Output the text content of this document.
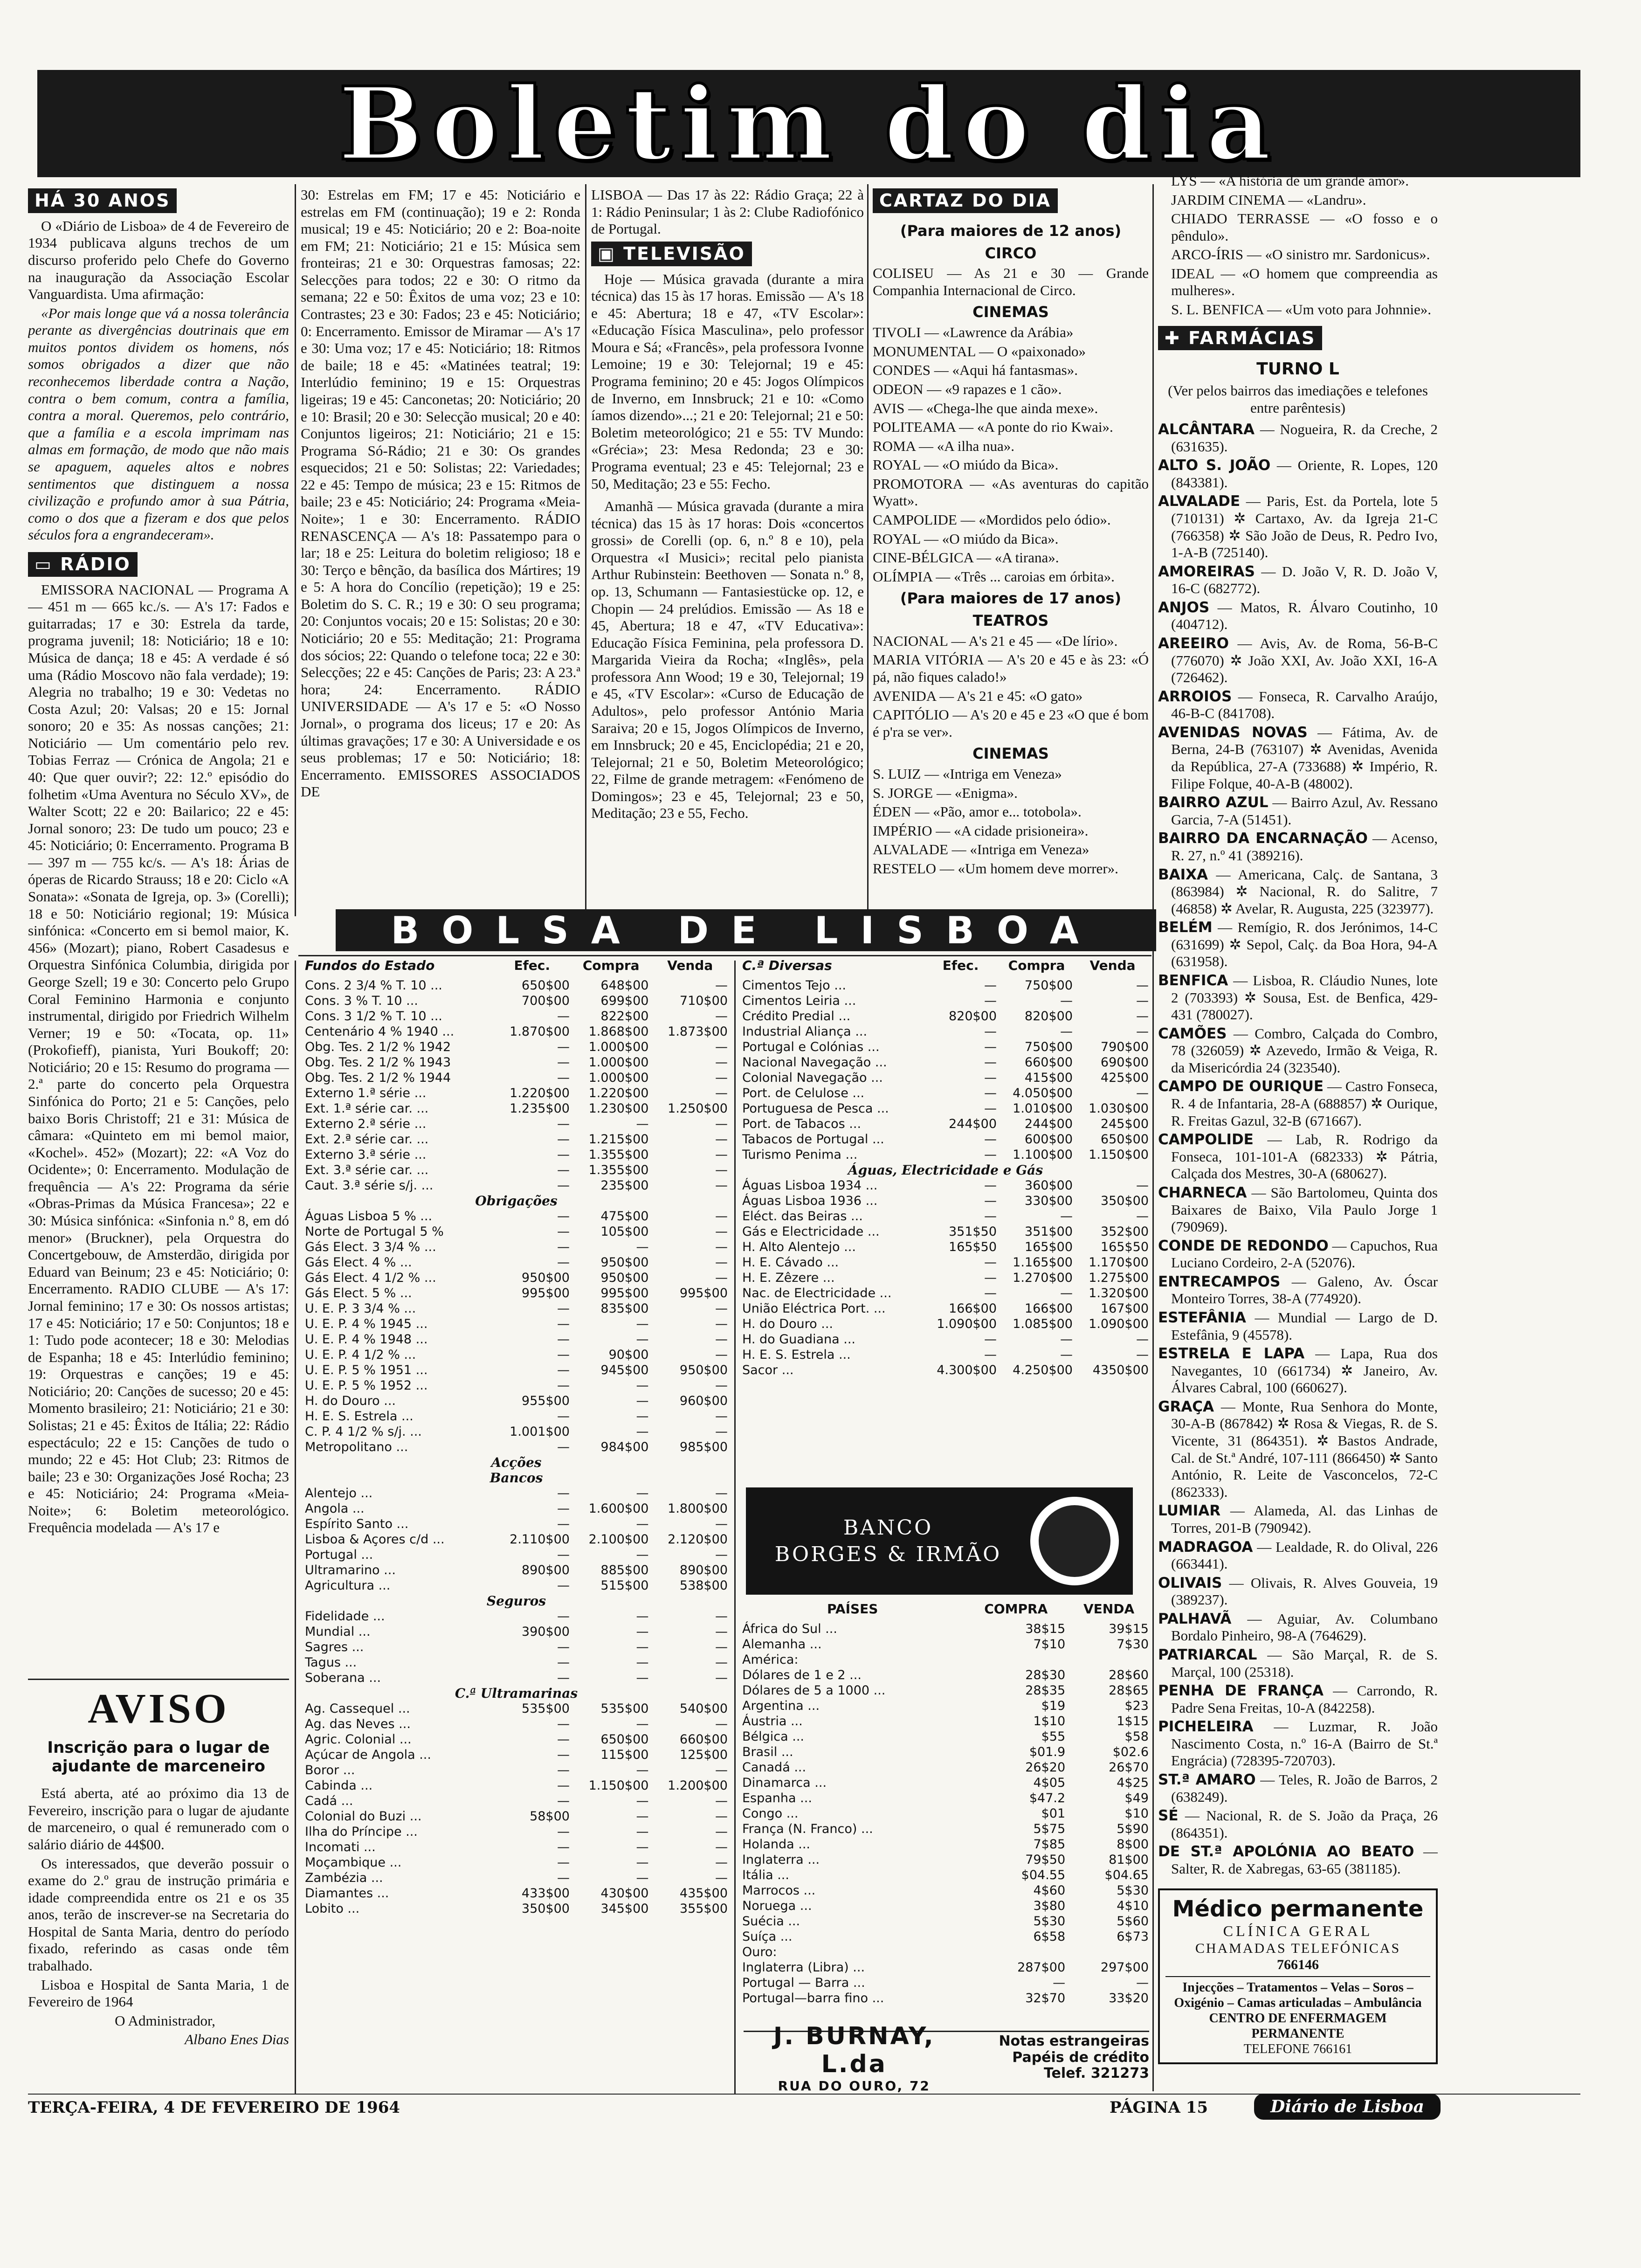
Boletim do dia
HÁ 30 ANOS

O «Diário de Lisboa» de 4 de Fevereiro de 1934 publicava alguns trechos de um discurso proferido pelo Chefe do Governo na inauguração da Associação Escolar Vanguardista. Uma afirmação:

«Por mais longe que vá a nossa tolerância perante as divergências doutrinais que em muitos pontos dividem os homens, nós somos obrigados a dizer que não reconhecemos liberdade contra a Nação, contra o bem comum, contra a família, contra a moral. Queremos, pelo contrário, que a família e a escola imprimam nas almas em formação, de modo que não mais se apaguem, aqueles altos e nobres sentimentos que distinguem a nossa civilização e profundo amor à sua Pátria, como o dos que a fizeram e dos que pelos séculos fora a engrandeceram».

▭ RÁDIO

EMISSORA NACIONAL — Programa A — 451 m — 665 kc./s. — A's 17: Fados e guitarradas; 17 e 30: Estrela da tarde, programa juvenil; 18: Noticiário; 18 e 10: Música de dança; 18 e 45: A verdade é só uma (Rádio Moscovo não fala verdade); 19: Alegria no trabalho; 19 e 30: Vedetas no Costa Azul; 20: Valsas; 20 e 15: Jornal sonoro; 20 e 35: As nossas canções; 21: Noticiário — Um comentário pelo rev. Tobias Ferraz — Crónica de Angola; 21 e 40: Que quer ouvir?; 22: 12.º episódio do folhetim «Uma Aventura no Século XV», de Walter Scott; 22 e 20: Bailarico; 22 e 45: Jornal sonoro; 23: De tudo um pouco; 23 e 45: Noticiário; 0: Encerramento. Programa B — 397 m — 755 kc/s. — A's 18: Árias de óperas de Ricardo Strauss; 18 e 20: Ciclo «A Sonata»: «Sonata de Igreja, op. 3» (Corelli); 18 e 50: Noticiário regional; 19: Música sinfónica: «Concerto em si bemol maior, K. 456» (Mozart); piano, Robert Casadesus e Orquestra Sinfónica Columbia, dirigida por George Szell; 19 e 30: Concerto pelo Grupo Coral Feminino Harmonia e conjunto instrumental, dirigido por Friedrich Wilhelm Verner; 19 e 50: «Tocata, op. 11» (Prokofieff), pianista, Yuri Boukoff; 20: Noticiário; 20 e 15: Resumo do programa — 2.ª parte do concerto pela Orquestra Sinfónica do Porto; 21 e 5: Canções, pelo baixo Boris Christoff; 21 e 31: Música de câmara: «Quinteto em mi bemol maior, «Kochel». 452» (Mozart); 22: «A Voz do Ocidente»; 0: Encerramento. Modulação de frequência — A's 22: Programa da série «Obras-Primas da Música Francesa»; 22 e 30: Música sinfónica: «Sinfonia n.º 8, em dó menor» (Bruckner), pela Orquestra do Concertgebouw, de Amsterdão, dirigida por Eduard van Beinum; 23 e 45: Noticiário; 0: Encerramento. RADIO CLUBE — A's 17: Jornal feminino; 17 e 30: Os nossos artistas; 17 e 45: Noticiário; 17 e 50: Conjuntos; 18 e 1: Tudo pode acontecer; 18 e 30: Melodias de Espanha; 18 e 45: Interlúdio feminino; 19: Orquestras e canções; 19 e 45: Noticiário; 20: Canções de sucesso; 20 e 45: Momento brasileiro; 21: Noticiário; 21 e 30: Solistas; 21 e 45: Êxitos de Itália; 22: Rádio espectáculo; 22 e 15: Canções de tudo o mundo; 22 e 45: Hot Club; 23: Ritmos de baile; 23 e 30: Organizações José Rocha; 23 e 45: Noticiário; 24: Programa «Meia-Noite»; 6: Boletim meteorológico. Frequência modelada — A's 17 e

AVISO
Inscrição para o lugar de ajudante de marceneiro

Está aberta, até ao próximo dia 13 de Fevereiro, inscrição para o lugar de ajudante de marceneiro, o qual é remunerado com o salário diário de 44$00.

Os interessados, que deverão possuir o exame do 2.º grau de instrução primária e idade compreendida entre os 21 e os 35 anos, terão de inscrever-se na Secretaria do Hospital de Santa Maria, dentro do período fixado, referindo as casas onde têm trabalhado.

Lisboa e Hospital de Santa Maria, 1 de Fevereiro de 1964

O Administrador,

Albano Enes Dias

30: Estrelas em FM; 17 e 45: Noticiário e estrelas em FM (continuação); 19 e 2: Ronda musical; 19 e 45: Noticiário; 20 e 2: Boa-noite em FM; 21: Noticiário; 21 e 15: Música sem fronteiras; 21 e 30: Orquestras famosas; 22: Selecções para todos; 22 e 30: O ritmo da semana; 22 e 50: Êxitos de uma voz; 23 e 10: Contrastes; 23 e 30: Fados; 23 e 45: Noticiário; 0: Encerramento. Emissor de Miramar — A's 17 e 30: Uma voz; 17 e 45: Noticiário; 18: Ritmos de baile; 18 e 45: «Matinées teatral; 19: Interlúdio feminino; 19 e 15: Orquestras ligeiras; 19 e 45: Canconetas; 20: Noticiário; 20 e 10: Brasil; 20 e 30: Selecção musical; 20 e 40: Conjuntos ligeiros; 21: Noticiário; 21 e 15: Programa Só-Rádio; 21 e 30: Os grandes esquecidos; 21 e 50: Solistas; 22: Variedades; 22 e 45: Tempo de música; 23 e 15: Ritmos de baile; 23 e 45: Noticiário; 24: Programa «Meia-Noite»; 1 e 30: Encerramento. RÁDIO RENASCENÇA — A's 18: Passatempo para o lar; 18 e 25: Leitura do boletim religioso; 18 e 30: Terço e bênção, da basílica dos Mártires; 19 e 5: A hora do Concílio (repetição); 19 e 25: Boletim do S. C. R.; 19 e 30: O seu programa; 20: Conjuntos vocais; 20 e 15: Solistas; 20 e 30: Noticiário; 20 e 55: Meditação; 21: Programa dos sócios; 22: Quando o telefone toca; 22 e 30: Selecções; 22 e 45: Canções de Paris; 23: A 23.ª hora; 24: Encerramento. RÁDIO UNIVERSIDADE — A's 17 e 5: «O Nosso Jornal», o programa dos liceus; 17 e 20: As últimas gravações; 17 e 30: A Universidade e os seus problemas; 17 e 50: Noticiário; 18: Encerramento. EMISSORES ASSOCIADOS DE

LISBOA — Das 17 às 22: Rádio Graça; 22 à 1: Rádio Peninsular; 1 às 2: Clube Radiofónico de Portugal.

▣ TELEVISÃO

Hoje — Música gravada (durante a mira técnica) das 15 às 17 horas. Emissão — A's 18 e 45: Abertura; 18 e 47, «TV Escolar»: «Educação Física Masculina», pelo professor Moura e Sá; «Francês», pela professora Ivonne Lemoine; 19 e 30: Telejornal; 19 e 45: Programa feminino; 20 e 45: Jogos Olímpicos de Inverno, em Innsbruck; 21 e 10: «Como íamos dizendo»...; 21 e 20: Telejornal; 21 e 50: Boletim meteorológico; 21 e 55: TV Mundo: «Grécia»; 23: Mesa Redonda; 23 e 30: Programa eventual; 23 e 45: Telejornal; 23 e 50, Meditação; 23 e 55: Fecho.

Amanhã — Música gravada (durante a mira técnica) das 15 às 17 horas: Dois «concertos grossi» de Corelli (op. 6, n.º 8 e 10), pela Orquestra «I Musici»; recital pelo pianista Arthur Rubinstein: Beethoven — Sonata n.º 8, op. 13, Schumann — Fantasiestücke op. 12, e Chopin — 24 prelúdios. Emissão — As 18 e 45, Abertura; 18 e 47, «TV Educativa»: Educação Física Feminina, pela professora D. Margarida Vieira da Rocha; «Inglês», pela professora Ann Wood; 19 e 30, Telejornal; 19 e 45, «TV Escolar»: «Curso de Educação de Adultos», pelo professor António Maria Saraiva; 20 e 15, Jogos Olímpicos de Inverno, em Innsbruck; 20 e 45, Enciclopédia; 21 e 20, Telejornal; 21 e 50, Boletim Meteorológico; 22, Filme de grande metragem: «Fenómeno de Domingos»; 23 e 45, Telejornal; 23 e 50, Meditação; 23 e 55, Fecho.

CARTAZ DO DIA
(Para maiores de 12 anos)
CIRCO

COLISEU — As 21 e 30 — Grande Companhia Internacional de Circo.

CINEMAS

TIVOLI — «Lawrence da Arábia»

MONUMENTAL — O «paixonado»

CONDES — «Aqui há fantasmas».

ODEON — «9 rapazes e 1 cão».

AVIS — «Chega-lhe que ainda mexe».

POLITEAMA — «A ponte do rio Kwai».

ROMA — «A ilha nua».

ROYAL — «O miúdo da Bica».

PROMOTORA — «As aventuras do capitão Wyatt».

CAMPOLIDE — «Mordidos pelo ódio».

ROYAL — «O miúdo da Bica».

CINE-BÉLGICA — «A tirana».

OLÍMPIA — «Três ... caroias em órbita».

(Para maiores de 17 anos)
TEATROS

NACIONAL — A's 21 e 45 — «De lírio».

MARIA VITÓRIA — A's 20 e 45 e às 23: «Ó pá, não fiques calado!»

AVENIDA — A's 21 e 45: «O gato»

CAPITÓLIO — A's 20 e 45 e 23 «O que é bom é p'ra se ver».

CINEMAS

S. LUIZ — «Intriga em Veneza»

S. JORGE — «Enigma».

ÉDEN — «Pão, amor e... totobola».

IMPÉRIO — «A cidade prisioneira».

ALVALADE — «Intriga em Veneza»

RESTELO — «Um homem deve morrer».

LYS — «A história de um grande amor».

JARDIM CINEMA — «Landru».

CHIADO TERRASSE — «O fosso e o pêndulo».

ARCO-ÍRIS — «O sinistro mr. Sardonicus».

IDEAL — «O homem que compreendia as mulheres».

S. L. BENFICA — «Um voto para Johnnie».

✚ FARMÁCIAS
TURNO L
(Ver pelos bairros das imediações e telefones entre parêntesis)

ALCÂNTARA — Nogueira, R. da Creche, 2 (631635).

ALTO S. JOÃO — Oriente, R. Lopes, 120 (843381).

ALVALADE — Paris, Est. da Portela, lote 5 (710131) ✲ Cartaxo, Av. da Igreja 21-C (766358) ✲ São João de Deus, R. Pedro Ivo, 1-A-B (725140).

AMOREIRAS — D. João V, R. D. João V, 16-C (682772).

ANJOS — Matos, R. Álvaro Coutinho, 10 (404712).

AREEIRO — Avis, Av. de Roma, 56-B-C (776070) ✲ João XXI, Av. João XXI, 16-A (726462).

ARROIOS — Fonseca, R. Carvalho Araújo, 46-B-C (841708).

AVENIDAS NOVAS — Fátima, Av. de Berna, 24-B (763107) ✲ Avenidas, Avenida da República, 27-A (733688) ✲ Império, R. Filipe Folque, 40-A-B (48002).

BAIRRO AZUL — Bairro Azul, Av. Ressano Garcia, 7-A (51451).

BAIRRO DA ENCARNAÇÃO — Acenso, R. 27, n.º 41 (389216).

BAIXA — Americana, Calç. de Santana, 3 (863984) ✲ Nacional, R. do Salitre, 7 (46858) ✲ Avelar, R. Augusta, 225 (323977).

BELÉM — Remígio, R. dos Jerónimos, 14-C (631699) ✲ Sepol, Calç. da Boa Hora, 94-A (631958).

BENFICA — Lisboa, R. Cláudio Nunes, lote 2 (703393) ✲ Sousa, Est. de Benfica, 429-431 (780027).

CAMÕES — Combro, Calçada do Combro, 78 (326059) ✲ Azevedo, Irmão & Veiga, R. da Misericórdia 24 (323540).

CAMPO DE OURIQUE — Castro Fonseca, R. 4 de Infantaria, 28-A (688857) ✲ Ourique, R. Freitas Gazul, 32-B (671667).

CAMPOLIDE — Lab, R. Rodrigo da Fonseca, 101-101-A (682333) ✲ Pátria, Calçada dos Mestres, 30-A (680627).

CHARNECA — São Bartolomeu, Quinta dos Baixares de Baixo, Vila Paulo Jorge 1 (790969).

CONDE DE REDONDO — Capuchos, Rua Luciano Cordeiro, 2-A (52076).

ENTRECAMPOS — Galeno, Av. Óscar Monteiro Torres, 38-A (774920).

ESTEFÂNIA — Mundial — Largo de D. Estefânia, 9 (45578).

ESTRELA E LAPA — Lapa, Rua dos Navegantes, 10 (661734) ✲ Janeiro, Av. Álvares Cabral, 100 (660627).

GRAÇA — Monte, Rua Senhora do Monte, 30-A-B (867842) ✲ Rosa & Viegas, R. de S. Vicente, 31 (864351). ✲ Bastos Andrade, Cal. de St.ª André, 107-111 (866450) ✲ Santo António, R. Leite de Vasconcelos, 72-C (862333).

LUMIAR — Alameda, Al. das Linhas de Torres, 201-B (790942).

MADRAGOA — Lealdade, R. do Olival, 226 (663441).

OLIVAIS — Olivais, R. Alves Gouveia, 19 (389237).

PALHAVÃ — Aguiar, Av. Columbano Bordalo Pinheiro, 98-A (764629).

PATRIARCAL — São Marçal, R. de S. Marçal, 100 (25318).

PENHA DE FRANÇA — Carrondo, R. Padre Sena Freitas, 10-A (842258).

PICHELEIRA — Luzmar, R. João Nascimento Costa, n.º 16-A (Bairro de St.ª Engrácia) (728395-720703).

ST.ª AMARO — Teles, R. João de Barros, 2 (638249).

SÉ — Nacional, R. de S. João da Praça, 26 (864351).

DE ST.ª APOLÓNIA AO BEATO — Salter, R. de Xabregas, 63-65 (381185).

Médico permanente
CLÍNICA GERAL
CHAMADAS TELEFÓNICAS
766146
Injecções – Tratamentos – Velas – Soros – Oxigénio – Camas articuladas – Ambulância
CENTRO DE ENFERMAGEM PERMANENTE
TELEFONE 766161
BOLSA DE LISBOA
Fundos do Estado	Efec.	Compra	Venda
Cons. 2 3/4 % T. 10 ...	650$00	648$00	—
Cons. 3 % T. 10 ...	700$00	699$00	710$00
Cons. 3 1/2 % T. 10 ...	—	822$00	—
Centenário 4 % 1940 ...	1.870$00	1.868$00	1.873$00
Obg. Tes. 2 1/2 % 1942	—	1.000$00	—
Obg. Tes. 2 1/2 % 1943	—	1.000$00	—
Obg. Tes. 2 1/2 % 1944	—	1.000$00	—
Externo 1.ª série ...	1.220$00	1.220$00	—
Ext. 1.ª série car. ...	1.235$00	1.230$00	1.250$00
Externo 2.ª série ...	—	—	—
Ext. 2.ª série car. ...	—	1.215$00	—
Externo 3.ª série ...	—	1.355$00	—
Ext. 3.ª série car. ...	—	1.355$00	—
Caut. 3.ª série s/j. ...	—	235$00	—
Obrigações			
Águas Lisboa 5 % ...	—	475$00	—
Norte de Portugal 5 %	—	105$00	—
Gás Elect. 3 3/4 % ...	—	—	—
Gás Elect. 4 % ...	—	950$00	—
Gás Elect. 4 1/2 % ...	950$00	950$00	—
Gás Elect. 5 % ...	995$00	995$00	995$00
U. E. P. 3 3/4 % ...	—	835$00	—
U. E. P. 4 % 1945 ...	—	—	—
U. E. P. 4 % 1948 ...	—	—	—
U. E. P. 4 1/2 % ...	—	90$00	—
U. E. P. 5 % 1951 ...	—	945$00	950$00
U. E. P. 5 % 1952 ...	—	—	—
H. do Douro ...	955$00	—	960$00
H. E. S. Estrela ...	—	—	—
C. P. 4 1/2 % s/j. ...	1.001$00	—	—
Metropolitano ...	—	984$00	985$00
Acções			
Bancos			
Alentejo ...	—	—	—
Angola ...	—	1.600$00	1.800$00
Espírito Santo ...	—	—	—
Lisboa & Açores c/d ...	2.110$00	2.100$00	2.120$00
Portugal ...	—	—	—
Ultramarino ...	890$00	885$00	890$00
Agricultura ...	—	515$00	538$00
Seguros			
Fidelidade ...	—	—	—
Mundial ...	390$00	—	—
Sagres ...	—	—	—
Tagus ...	—	—	—
Soberana ...	—	—	—
C.ª Ultramarinas			
Ag. Cassequel ...	535$00	535$00	540$00
Ag. das Neves ...	—	—	—
Agric. Colonial ...	—	650$00	660$00
Açúcar de Angola ...	—	115$00	125$00
Boror ...	—	—	—
Cabinda ...	—	1.150$00	1.200$00
Cadá ...	—	—	—
Colonial do Buzi ...	58$00	—	—
Ilha do Príncipe ...	—	—	—
Incomati ...	—	—	—
Moçambique ...	—	—	—
Zambézia ...	—	—	—
Diamantes ...	433$00	430$00	435$00
Lobito ...	350$00	345$00	355$00
C.ª Diversas	Efec.	Compra	Venda
Cimentos Tejo ...	—	750$00	—
Cimentos Leiria ...	—	—	—
Crédito Predial ...	820$00	820$00	—
Industrial Aliança ...	—	—	—
Portugal e Colónias ...	—	750$00	790$00
Nacional Navegação ...	—	660$00	690$00
Colonial Navegação ...	—	415$00	425$00
Port. de Celulose ...	—	4.050$00	—
Portuguesa de Pesca ...	—	1.010$00	1.030$00
Port. de Tabacos ...	244$00	244$00	245$00
Tabacos de Portugal ...	—	600$00	650$00
Turismo Penima ...	—	1.100$00	1.150$00
Águas, Electricidade e Gás			
Águas Lisboa 1934 ...	—	360$00	—
Águas Lisboa 1936 ...	—	330$00	350$00
Eléct. das Beiras ...	—	—	—
Gás e Electricidade ...	351$50	351$00	352$00
H. Alto Alentejo ...	165$50	165$00	165$50
H. E. Cávado ...	—	1.165$00	1.170$00
H. E. Zêzere ...	—	1.270$00	1.275$00
Nac. de Electricidade ...	—	—	1.320$00
União Eléctrica Port. ...	166$00	166$00	167$00
H. do Douro ...	1.090$00	1.085$00	1.090$00
H. do Guadiana ...	—	—	—
H. E. S. Estrela ...	—	—	—
Sacor ...	4.300$00	4.250$00	4350$00
BANCO
BORGES & IRMÃO
PAÍSES	COMPRA	VENDA
África do Sul ...	38$15	39$15
Alemanha ...	7$10	7$30
América:		
Dólares de 1 e 2 ...	28$30	28$60
Dólares de 5 a 1000 ...	28$35	28$65
Argentina ...	$19	$23
Áustria ...	1$10	1$15
Bélgica ...	$55	$58
Brasil ...	$01.9	$02.6
Canadá ...	26$20	26$70
Dinamarca ...	4$05	4$25
Espanha ...	$47.2	$49
Congo ...	$01	$10
França (N. Franco) ...	5$75	5$90
Holanda ...	7$85	8$00
Inglaterra ...	79$50	81$00
Itália ...	$04.55	$04.65
Marrocos ...	4$60	5$30
Noruega ...	3$80	4$10
Suécia ...	5$30	5$60
Suíça ...	6$58	6$73
Ouro:		
Inglaterra (Libra) ...	287$00	297$00
Portugal — Barra ...	—	—
Portugal—barra fino ...	32$70	33$20
J. BURNAY, L.da
RUA DO OURO, 72
Notas estrangeiras
Papéis de crédito
Telef. 321273
TERÇA-FEIRA, 4 DE FEVEREIRO DE 1964	PÁGINA 15	Diário de Lisboa
